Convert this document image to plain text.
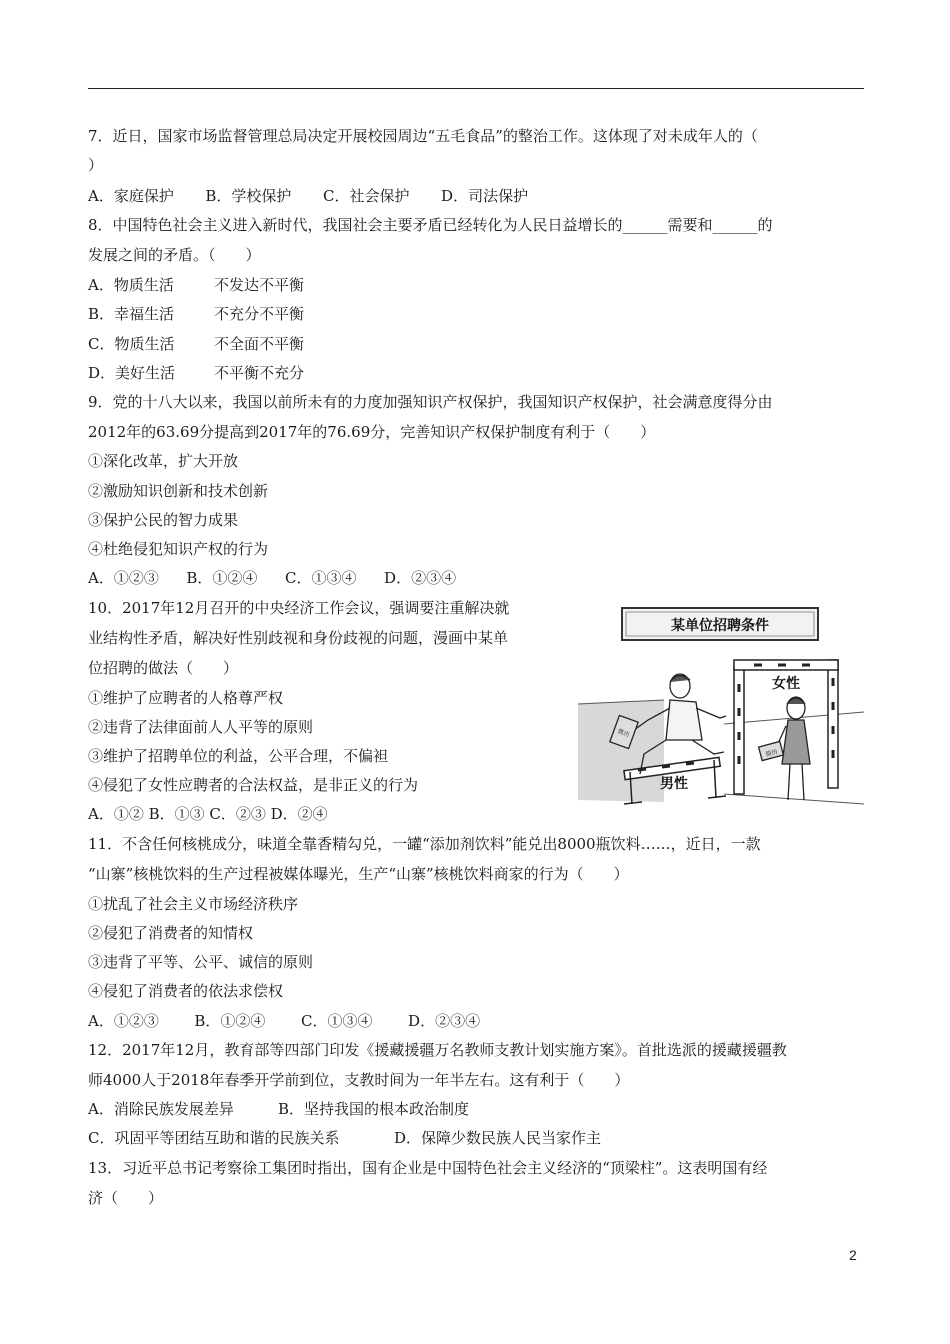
7．近日，国家市场监督管理总局决定开展校园周边“五毛食品”的整治工作。这体现了对未成年人的（
）
A．家庭保护 B．学校保护 C．社会保护 D．司法保护
8．中国特色社会主义进入新时代，我国社会主要矛盾已经转化为人民日益增长的______需要和______的
发展之间的矛盾。（　　）
A．物质生活	不发达不平衡
B．幸福生活	不充分不平衡
C．物质生活	不全面不平衡
D．美好生活	不平衡不充分
9．党的十八大以来，我国以前所未有的力度加强知识产权保护，我国知识产权保护，社会满意度得分由
2012年的63.69分提高到2017年的76.69分，完善知识产权保护制度有利于（　　）
①深化改革，扩大开放
②激励知识创新和技术创新
③保护公民的智力成果
④杜绝侵犯知识产权的行为
A．①②③ B．①②④ C．①③④ D．②③④
10．2017年12月召开的中央经济工作会议，强调要注重解决就
业结构性矛盾，解决好性别歧视和身份歧视的问题，漫画中某单
位招聘的做法（　　）
①维护了应聘者的人格尊严权
②违背了法律面前人人平等的原则
③维护了招聘单位的利益，公平合理，不偏袒
④侵犯了女性应聘者的合法权益，是非正义的行为
A．①② B．①③ C．②③ D．②④
某单位招聘条件
女性
简历
男性
简历
11．不含任何核桃成分，味道全靠香精勾兑，一罐“添加剂饮料”能兑出8000瓶饮料……，近日，一款
“山寨”核桃饮料的生产过程被媒体曝光，生产“山寨”核桃饮料商家的行为（　　）
①扰乱了社会主义市场经济秩序
②侵犯了消费者的知情权
③违背了平等、公平、诚信的原则
④侵犯了消费者的依法求偿权
A．①②③ B．①②④ C．①③④ D．②③④
12．2017年12月，教育部等四部门印发《援藏援疆万名教师支教计划实施方案》。首批选派的援藏援疆教
师4000人于2018年春季开学前到位，支教时间为一年半左右。这有利于（　　）
A．消除民族发展差异	B．坚持我国的根本政治制度
C．巩固平等团结互助和谐的民族关系	D．保障少数民族人民当家作主
13．习近平总书记考察徐工集团时指出，国有企业是中国特色社会主义经济的“顶梁柱”。这表明国有经
济（　　）
2
